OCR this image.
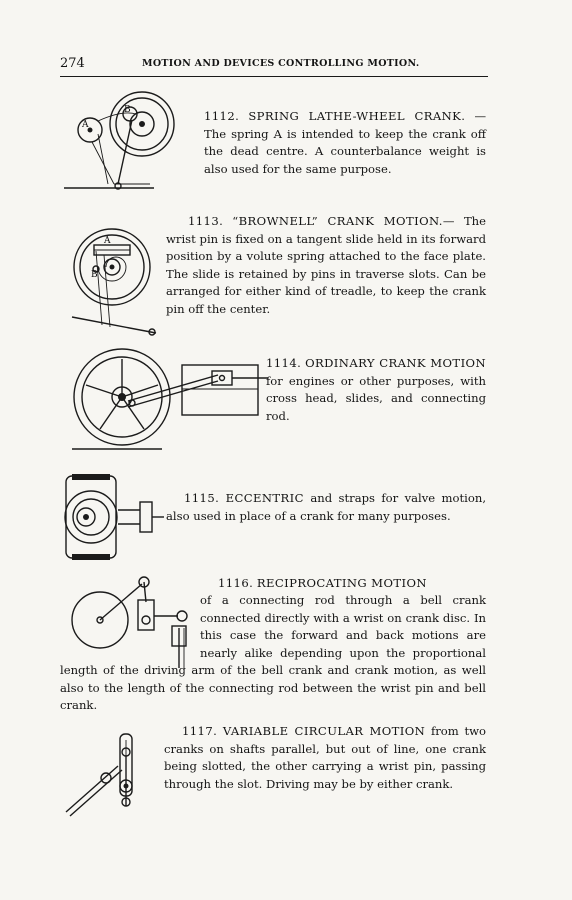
274	MOTION AND DEVICES CONTROLLING MOTION.
A
B	1112. SPRING LATHE-WHEEL CRANK. —The spring A is intended to keep the crank off the dead centre. A counterbalance weight is also used for the same purpose.

A
B

1113. “BROWNELL” CRANK MOTION.— The wrist pin is fixed on a tangent slide held in its forward position by a volute spring attached to the face plate. The slide is retained by pins in traverse slots. Can be arranged for either kind of treadle, to keep the crank pin off the center.

1114. ORDINARY CRANK MOTION for engines or other purposes, with cross head, slides, and connecting rod.

1115. ECCENTRIC and straps for valve motion, also used in place of a crank for many purposes.

1116. RECIPROCATING MOTION

of a connecting rod through a bell crank connected directly with a wrist on crank disc. In this case the forward and back motions are nearly alike depending upon the proportional length of the driving arm of the bell crank and crank motion, as well also to the length of the connecting rod between the wrist pin and bell crank.

1117. VARIABLE CIRCULAR MOTION from two cranks on shafts parallel, but out of line, one crank being slotted, the other carrying a wrist pin, passing through the slot. Driving may be by either crank.
